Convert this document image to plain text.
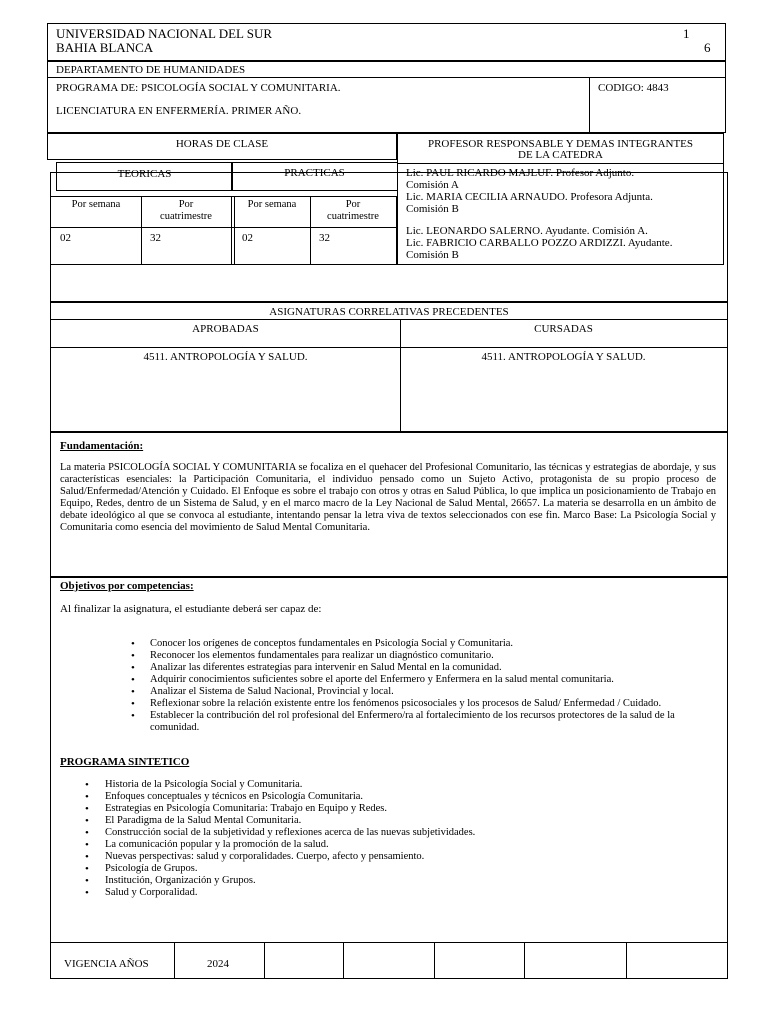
UNIVERSIDAD NACIONAL DEL SUR
BAHIA BLANCA
1
6
DEPARTAMENTO DE HUMANIDADES
PROGRAMA DE: PSICOLOGÍA SOCIAL Y COMUNITARIA.
LICENCIATURA EN ENFERMERÍA. PRIMER AÑO.
CODIGO: 4843
HORAS DE CLASE	PROFESOR RESPONSABLE Y DEMAS INTEGRANTES
DE LA CATEDRA
Lic. PAUL RICARDO MAJLUF. Profesor Adjunto.
Comisión A
Lic. MARIA CECILIA ARNAUDO. Profesora Adjunta.
Comisión B
Lic. LEONARDO SALERNO. Ayudante. Comisión A.
Lic. FABRICIO CARBALLO POZZO ARDIZZI. Ayudante.
Comisión B
TEORICAS	PRACTICAS
Por semana	Por
cuatrimestre
Por semana	Por
cuatrimestre
02	32	02	32
ASIGNATURAS CORRELATIVAS PRECEDENTES
APROBADAS	CURSADAS
4511. ANTROPOLOGÍA Y SALUD.	4511. ANTROPOLOGÍA Y SALUD.
Fundamentación:
La materia PSICOLOGÍA SOCIAL Y COMUNITARIA se focaliza en el quehacer del Profesional Comunitario, las técnicas y estrategias de abordaje, y sus características esenciales: la Participación Comunitaria, el individuo pensado como un Sujeto Activo, protagonista de su propio proceso de Salud/Enfermedad/Atención y Cuidado. El Enfoque es sobre el trabajo con otros y otras en Salud Pública, lo que implica un posicionamiento de Trabajo en Equipo, Redes, dentro de un Sistema de Salud, y en el marco macro de la Ley Nacional de Salud Mental, 26657. La materia se desarrolla en un ámbito de debate ideológico al que se convoca al estudiante, intentando pensar la letra viva de textos seleccionados con ese fin. Marco Base: La Psicología Social y Comunitaria como esencia del movimiento de Salud Mental Comunitaria.
Objetivos por competencias:
Al finalizar la asignatura, el estudiante deberá ser capaz de:
• Conocer los orígenes de conceptos fundamentales en Psicología Social y Comunitaria.
• Reconocer los elementos fundamentales para realizar un diagnóstico comunitario.
• Analizar las diferentes estrategias para intervenir en Salud Mental en la comunidad.
• Adquirir conocimientos suficientes sobre el aporte del Enfermero y Enfermera en la salud mental comunitaria.
• Analizar el Sistema de Salud Nacional, Provincial y local.
• Reflexionar sobre la relación existente entre los fenómenos psicosociales y los procesos de Salud/ Enfermedad / Cuidado.
• Establecer la contribución del rol profesional del Enfermero/ra al fortalecimiento de los recursos protectores de la salud de la comunidad.
PROGRAMA SINTETICO
• Historia de la Psicología Social y Comunitaria.
• Enfoques conceptuales y técnicos en Psicología Comunitaria.
• Estrategias en Psicología Comunitaria: Trabajo en Equipo y Redes.
• El Paradigma de la Salud Mental Comunitaria.
• Construcción social de la subjetividad y reflexiones acerca de las nuevas subjetividades.
• La comunicación popular y la promoción de la salud.
• Nuevas perspectivas: salud y corporalidades. Cuerpo, afecto y pensamiento.
• Psicología de Grupos.
• Institución, Organización y Grupos.
• Salud y Corporalidad.
VIGENCIA AÑOS	2024
